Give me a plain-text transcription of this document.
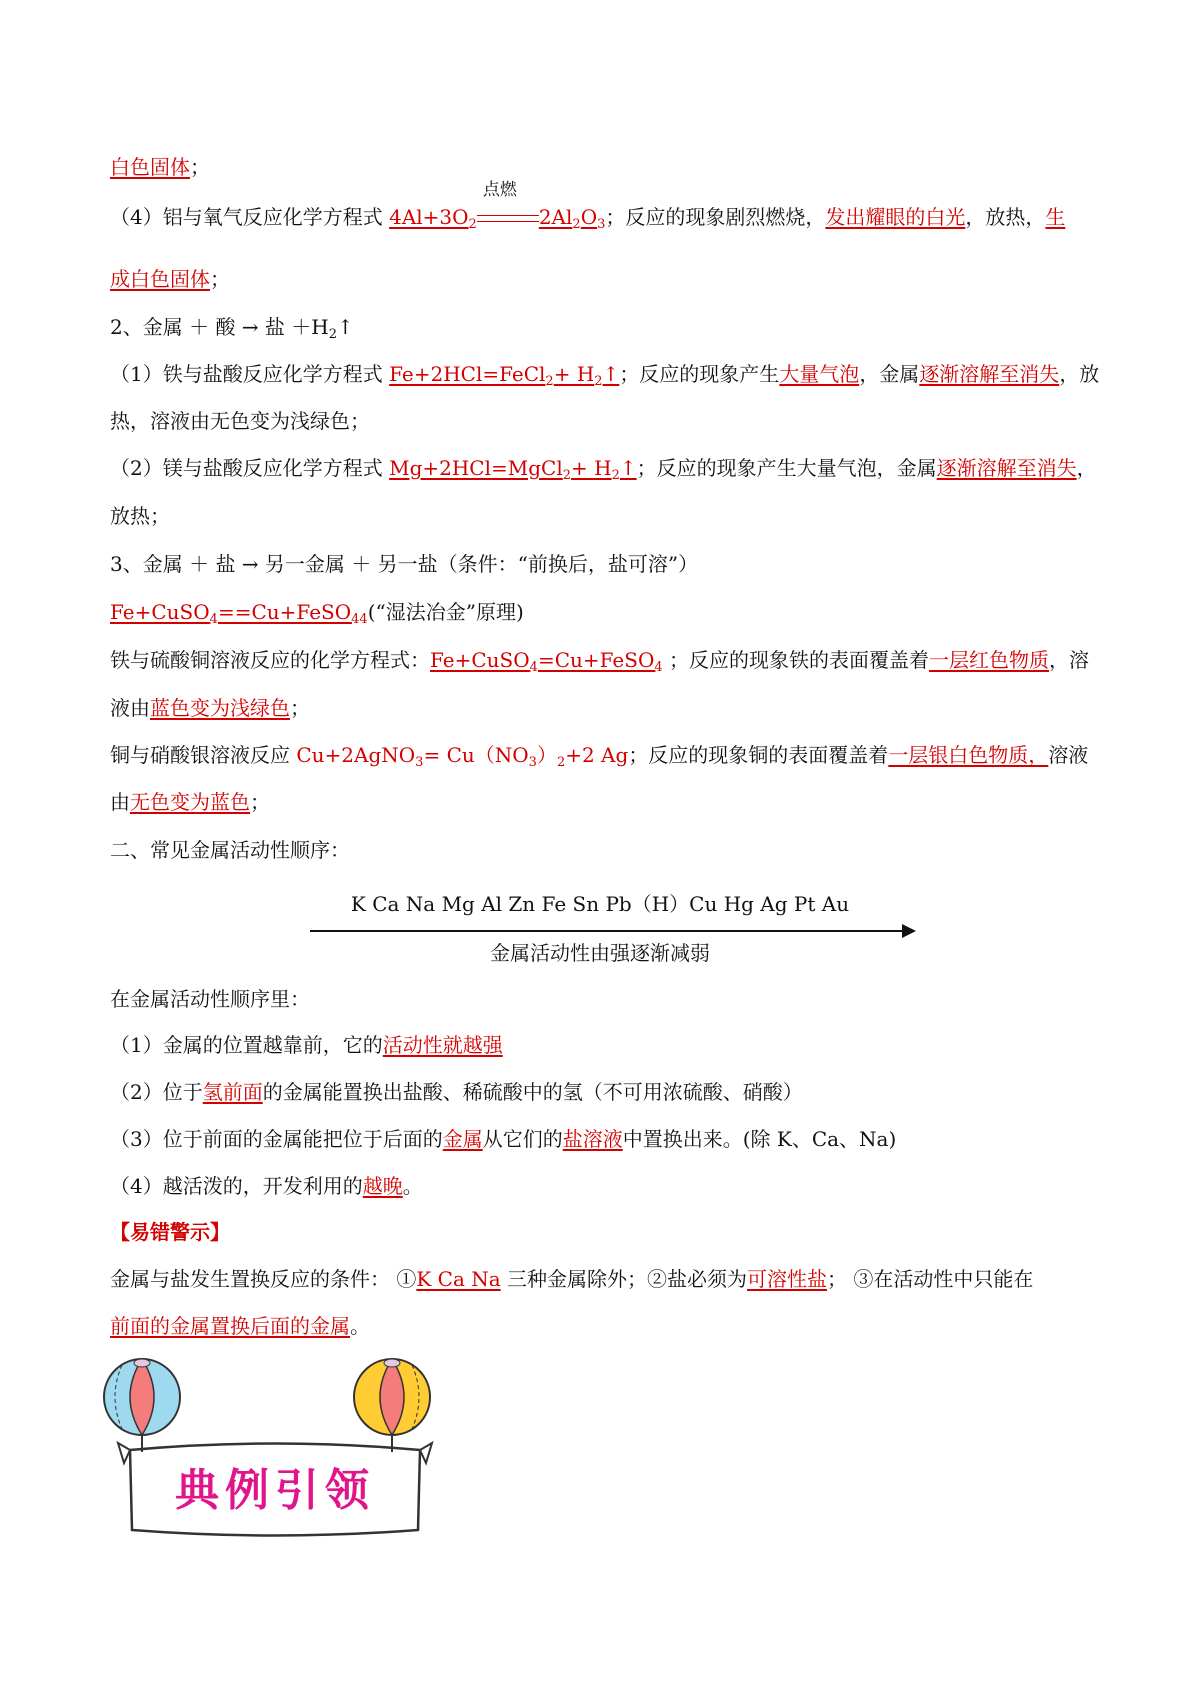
白色固体；
（4）铝与氧气反应化学方程式 $4Al+3O_2$
点燃
$2Al_2O_3$；反应的现象剧烈燃烧，发出耀眼的白光，放热，生
成白色固体；
2、金属 ＋ 酸 → 盐 $+H_2↑$
（1）铁与盐酸反应化学方程式 Fe+2HCl=FeCl$_2$+ $H_2↑$；反应的现象产生大量气泡，金属逐渐溶解至消失，放
热，溶液由无色变为浅绿色；
（2）镁与盐酸反应化学方程式 Mg+2HCl=MgCl$_2$+ $H_2↑$；反应的现象产生大量气泡，金属逐渐溶解至消失，
放热；
3、金属 ＋ 盐 → 另一金属 ＋ 另一盐（条件：“前换后，盐可溶”）
Fe+CuSO$_4$==Cu+FeSO$_{44}$(“湿法冶金”原理)
铁与硫酸铜溶液反应的化学方程式：Fe+CuSO$_4$=Cu+FeSO$_4$ ；反应的现象铁的表面覆盖着一层红色物质，溶
液由蓝色变为浅绿色；
铜与硝酸银溶液反应 Cu+2AgNO$_3$= $Cu(NO_3)_2+2$ Ag；反应的现象铜的表面覆盖着一层银白色物质，溶液
由无色变为蓝色；
二、常见金属活动性顺序：
K Ca Na Mg Al Zn Fe Sn Pb（H）Cu Hg Ag Pt Au
金属活动性由强逐渐减弱
在金属活动性顺序里：
（1）金属的位置越靠前，它的活动性就越强
（2）位于氢前面的金属能置换出盐酸、稀硫酸中的氢（不可用浓硫酸、硝酸）
（3）位于前面的金属能把位于后面的金属从它们的盐溶液中置换出来。(除 K、Ca、Na)
（4）越活泼的，开发利用的越晚。
【易错警示】
金属与盐发生置换反应的条件： ①K Ca Na 三种金属除外；②盐必须为可溶性盐； ③在活动性中只能在
前面的金属置换后面的金属。
典例引领
